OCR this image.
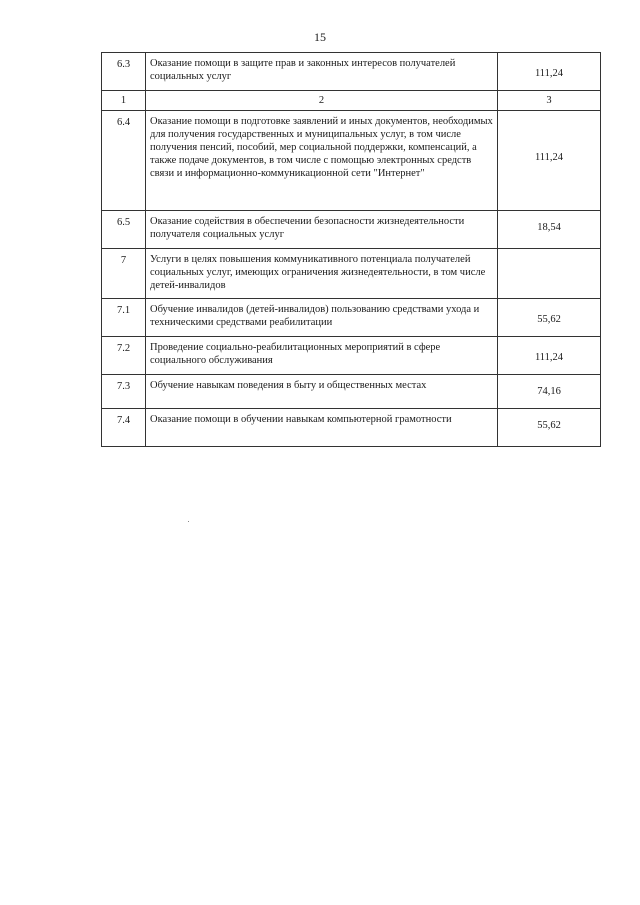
15
6.3	Оказание помощи в защите прав и законных интересов получателей социальных услуг	111,24
1	2	3
6.4	Оказание помощи в подготовке заявлений и иных документов, необходимых для получения государственных и муниципальных услуг, в том числе получения пенсий, пособий, мер социальной поддержки, компенсаций, а также подаче документов, в том числе с помощью электронных средств связи и информационно-коммуникационной сети "Интернет"	111,24
6.5	Оказание содействия в обеспечении безопасности жизнедеятельности получателя социальных услуг	18,54
7	Услуги в целях повышения коммуникативного потенциала получателей социальных услуг, имеющих ограничения жизнедеятельности, в том числе детей-инвалидов	
7.1	Обучение инвалидов (детей-инвалидов) пользованию средствами ухода и техническими средствами реабилитации	55,62
7.2	Проведение социально-реабилитационных мероприятий в сфере социального обслуживания	111,24
7.3	Обучение навыкам поведения в быту и общественных местах	74,16
7.4	Оказание помощи в обучении навыкам компьютерной грамотности	55,62
